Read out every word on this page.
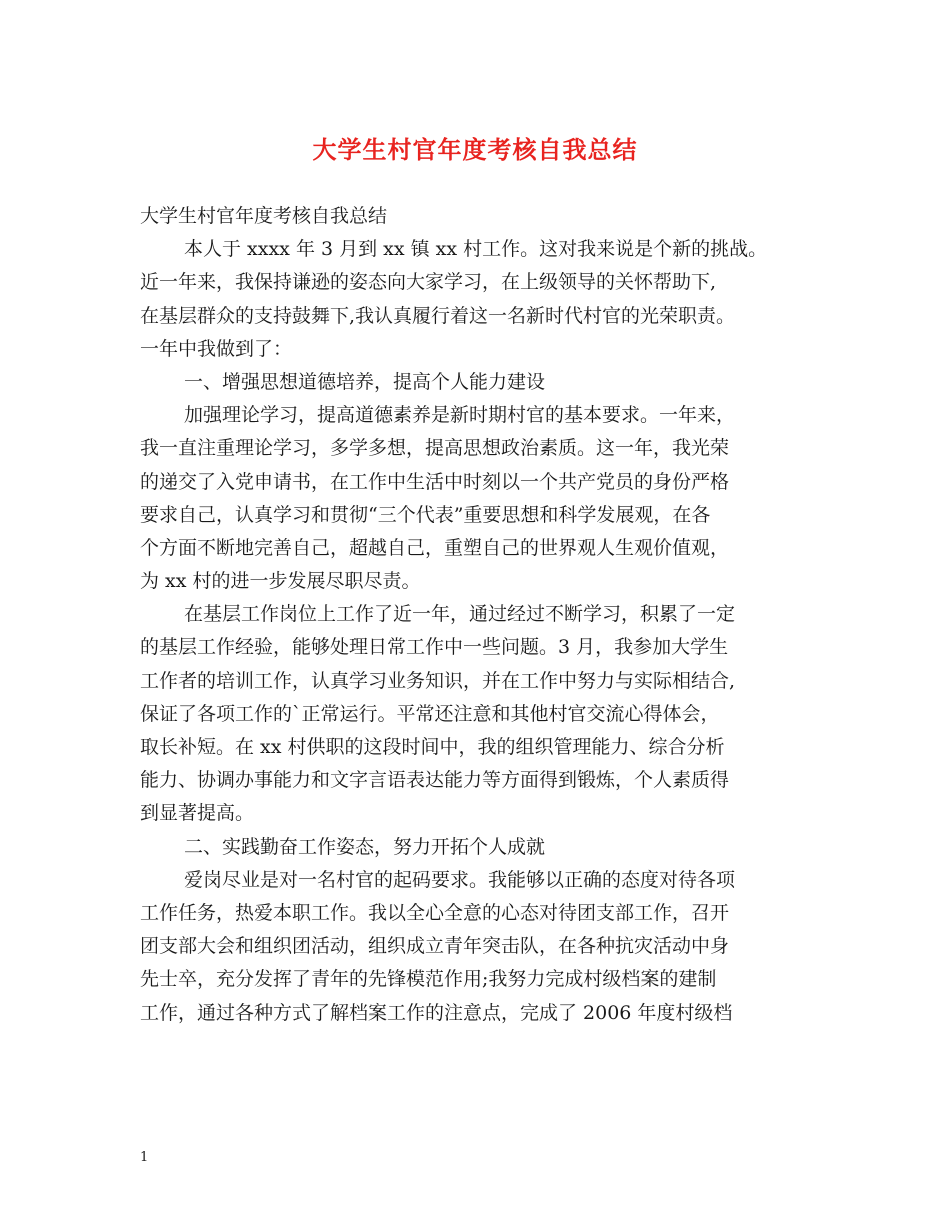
大学生村官年度考核自我总结
大学生村官年度考核自我总结
本人于 xxxx 年 3 月到 xx 镇 xx 村工作。这对我来说是个新的挑战。
近一年来，我保持谦逊的姿态向大家学习，在上级领导的关怀帮助下,
在基层群众的支持鼓舞下,我认真履行着这一名新时代村官的光荣职责。
一年中我做到了：
一、增强思想道德培养，提高个人能力建设
加强理论学习，提高道德素养是新时期村官的基本要求。一年来，
我一直注重理论学习，多学多想，提高思想政治素质。这一年，我光荣
的递交了入党申请书，在工作中生活中时刻以一个共产党员的身份严格
要求自己，认真学习和贯彻“三个代表”重要思想和科学发展观，在各
个方面不断地完善自己，超越自己，重塑自己的世界观人生观价值观，
为 xx 村的进一步发展尽职尽责。
在基层工作岗位上工作了近一年，通过经过不断学习，积累了一定
的基层工作经验，能够处理日常工作中一些问题。3 月，我参加大学生
工作者的培训工作，认真学习业务知识，并在工作中努力与实际相结合,
保证了各项工作的`正常运行。平常还注意和其他村官交流心得体会，
取长补短。在 xx 村供职的这段时间中，我的组织管理能力、综合分析
能力、协调办事能力和文字言语表达能力等方面得到锻炼，个人素质得
到显著提高。
二、实践勤奋工作姿态，努力开拓个人成就
爱岗尽业是对一名村官的起码要求。我能够以正确的态度对待各项
工作任务，热爱本职工作。我以全心全意的心态对待团支部工作，召开
团支部大会和组织团活动，组织成立青年突击队，在各种抗灾活动中身
先士卒，充分发挥了青年的先锋模范作用;我努力完成村级档案的建制
工作，通过各种方式了解档案工作的注意点，完成了 2006 年度村级档
1
